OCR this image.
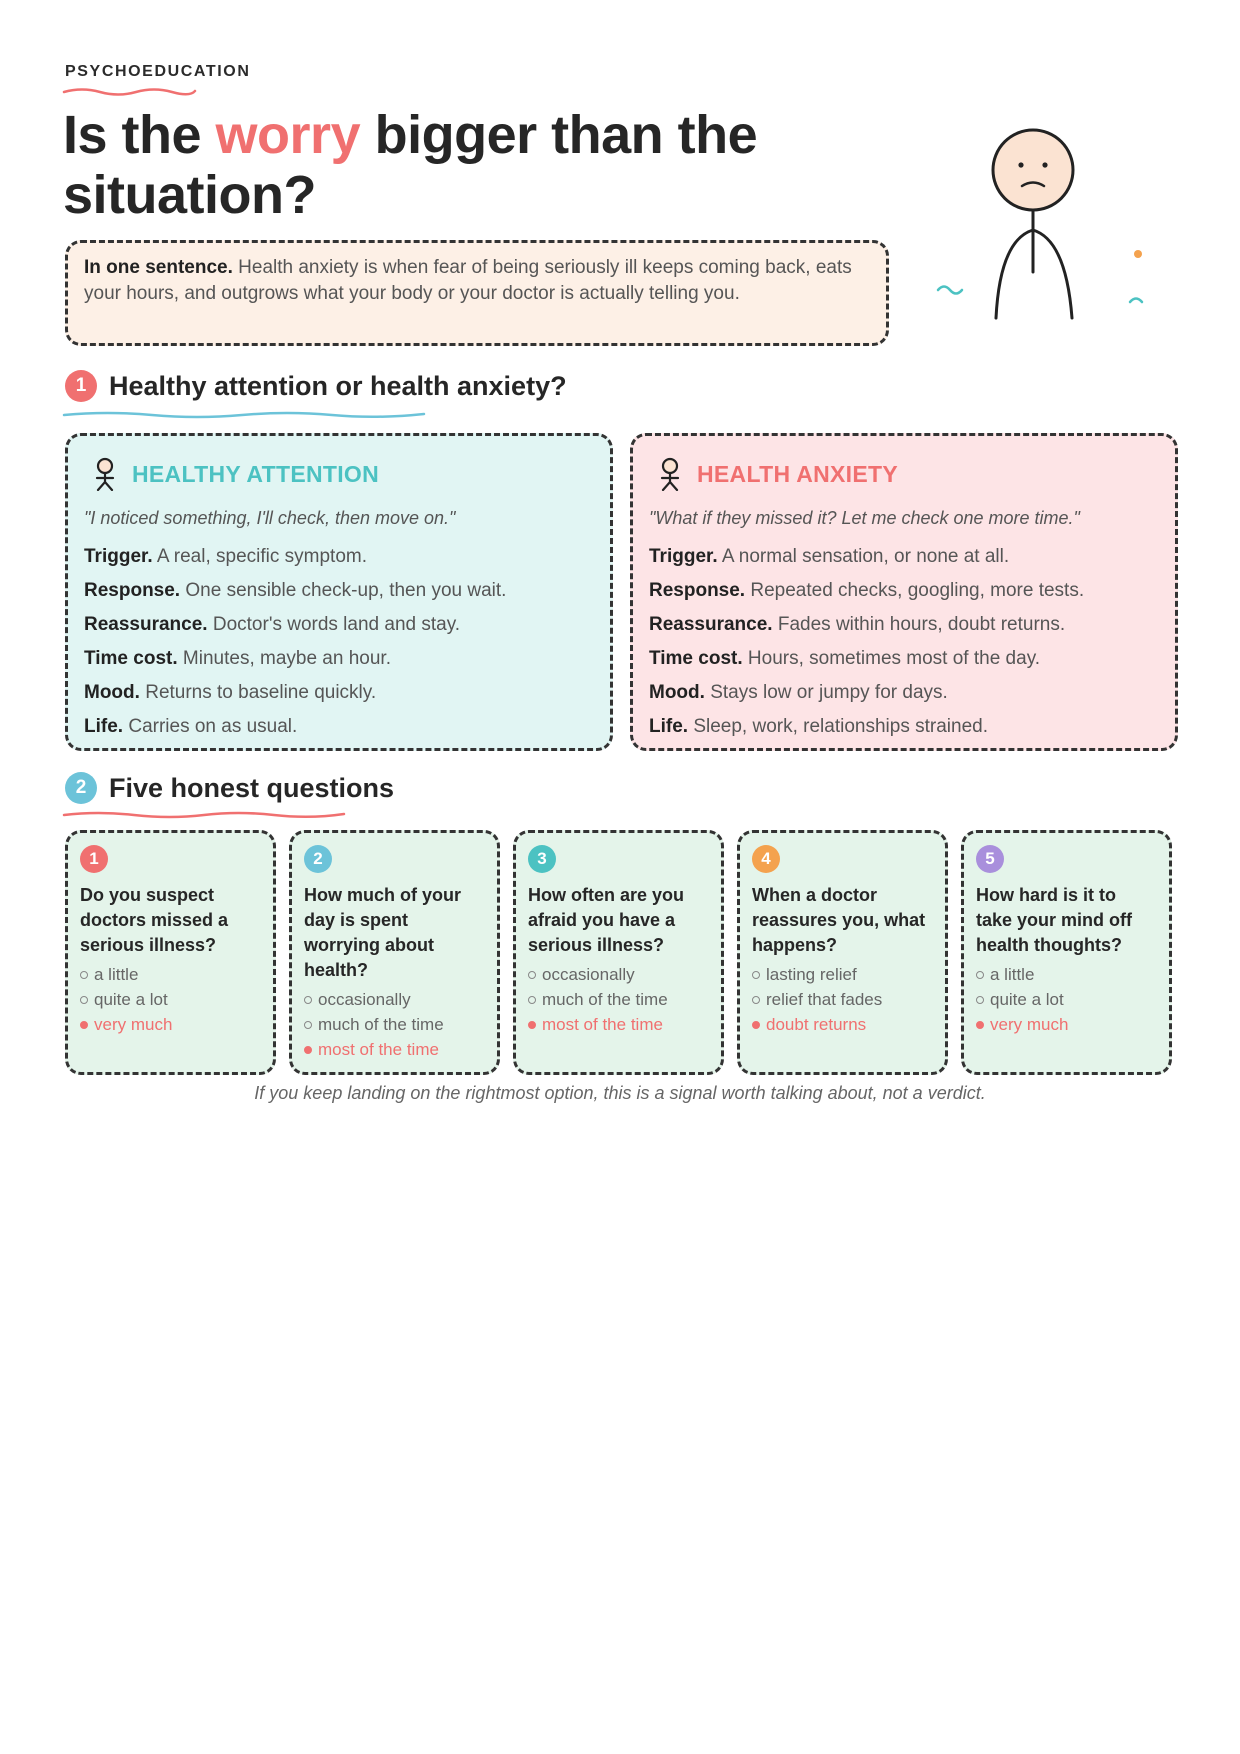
PSYCHOEDUCATION
Is the worry bigger than the situation?
In one sentence. Health anxiety is when fear of being seriously ill keeps coming back, eats your hours, and outgrows what your body or your doctor is actually telling you.
1 Healthy attention or health anxiety?
HEALTHY ATTENTION
"I noticed something, I'll check, then move on."
Trigger. A real, specific symptom.
Response. One sensible check-up, then you wait.
Reassurance. Doctor's words land and stay.
Time cost. Minutes, maybe an hour.
Mood. Returns to baseline quickly.
Life. Carries on as usual.
HEALTH ANXIETY
"What if they missed it? Let me check one more time."
Trigger. A normal sensation, or none at all.
Response. Repeated checks, googling, more tests.
Reassurance. Fades within hours, doubt returns.
Time cost. Hours, sometimes most of the day.
Mood. Stays low or jumpy for days.
Life. Sleep, work, relationships strained.
2 Five honest questions
1
Do you suspect doctors missed a serious illness?
a little
quite a lot
very much
2
How much of your day is spent worrying about health?
occasionally
much of the time
most of the time
3
How often are you afraid you have a serious illness?
occasionally
much of the time
most of the time
4
When a doctor reassures you, what happens?
lasting relief
relief that fades
doubt returns
5
How hard is it to take your mind off health thoughts?
a little
quite a lot
very much
If you keep landing on the rightmost option, this is a signal worth talking about, not a verdict.
